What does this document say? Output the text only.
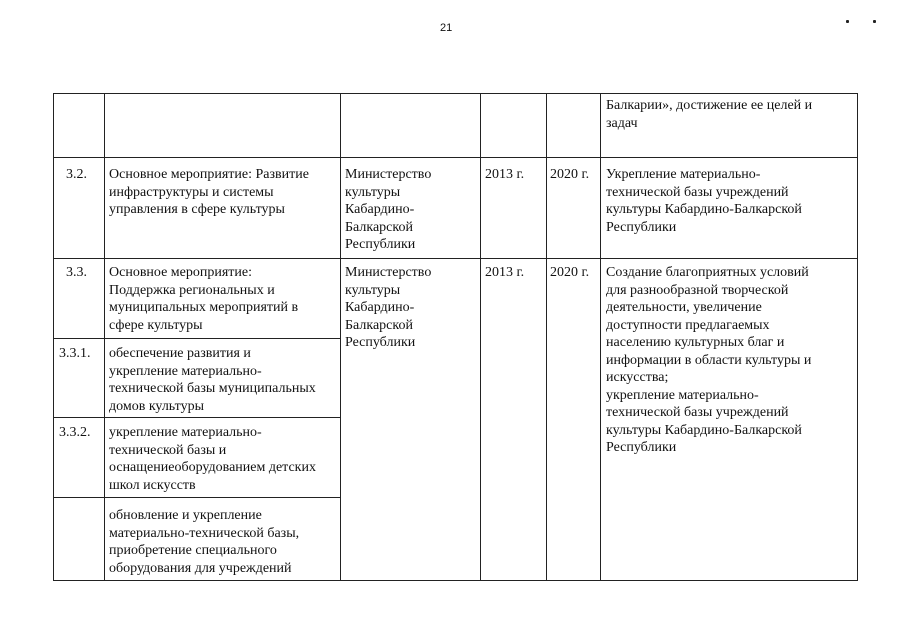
21
Балкарии», достижение ее целей и
задач
3.2. Основное мероприятие: Развитие
инфраструктуры и системы
управления в сфере культуры
Министерство
культуры
Кабардино-
Балкарской
Республики
2013 г. 2020 г. Укрепление материально-
технической базы учреждений
культуры Кабардино-Балкарской
Республики
3.3. Основное мероприятие:
Поддержка региональных и
муниципальных мероприятий в
сфере культуры
Министерство
культуры
Кабардино-
Балкарской
Республики
2013 г. 2020 г. Создание благоприятных условий
для разнообразной творческой
деятельности, увеличение
доступности предлагаемых
населению культурных благ и
информации в области культуры и
искусства;
укрепление материально-
технической базы учреждений
культуры Кабардино-Балкарской
Республики
3.3.1. обеспечение развития и
укрепление материально-
технической базы муниципальных
домов культуры
3.3.2. укрепление материально-
технической базы и
оснащениеоборудованием детских
школ искусств
обновление и укрепление
материально-технической базы,
приобретение специального
оборудования для учреждений
